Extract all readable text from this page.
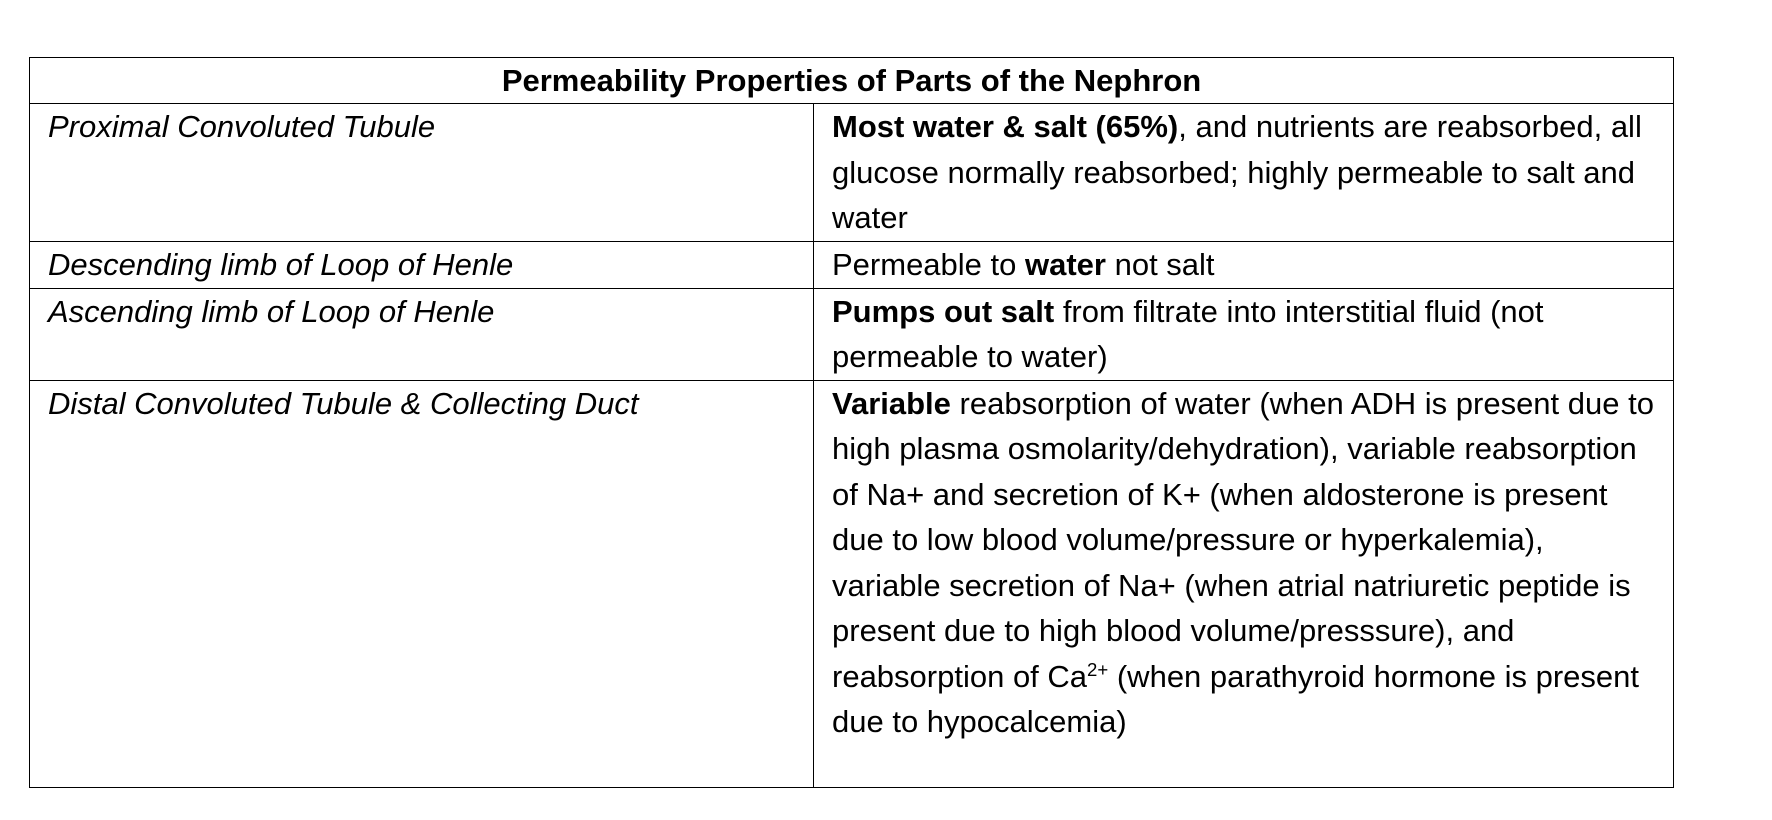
Permeability Properties of Parts of the Nephron	
Proximal Convoluted Tubule	Most water & salt (65%), and nutrients are reabsorbed, all glucose normally reabsorbed; highly permeable to salt and water
Descending limb of Loop of Henle	Permeable to water not salt
Ascending limb of Loop of Henle	Pumps out salt from filtrate into interstitial fluid (not permeable to water)
Distal Convoluted Tubule & Collecting Duct	Variable reabsorption of water (when ADH is present due to high plasma osmolarity/dehydration), variable reabsorption of Na+ and secretion of K+ (when aldosterone is present due to low blood volume/pressure or hyperkalemia), variable secretion of Na+ (when atrial natriuretic peptide is present due to high blood volume/presssure), and reabsorption of $Ca^{2+}$ (when parathyroid hormone is present due to hypocalcemia)
